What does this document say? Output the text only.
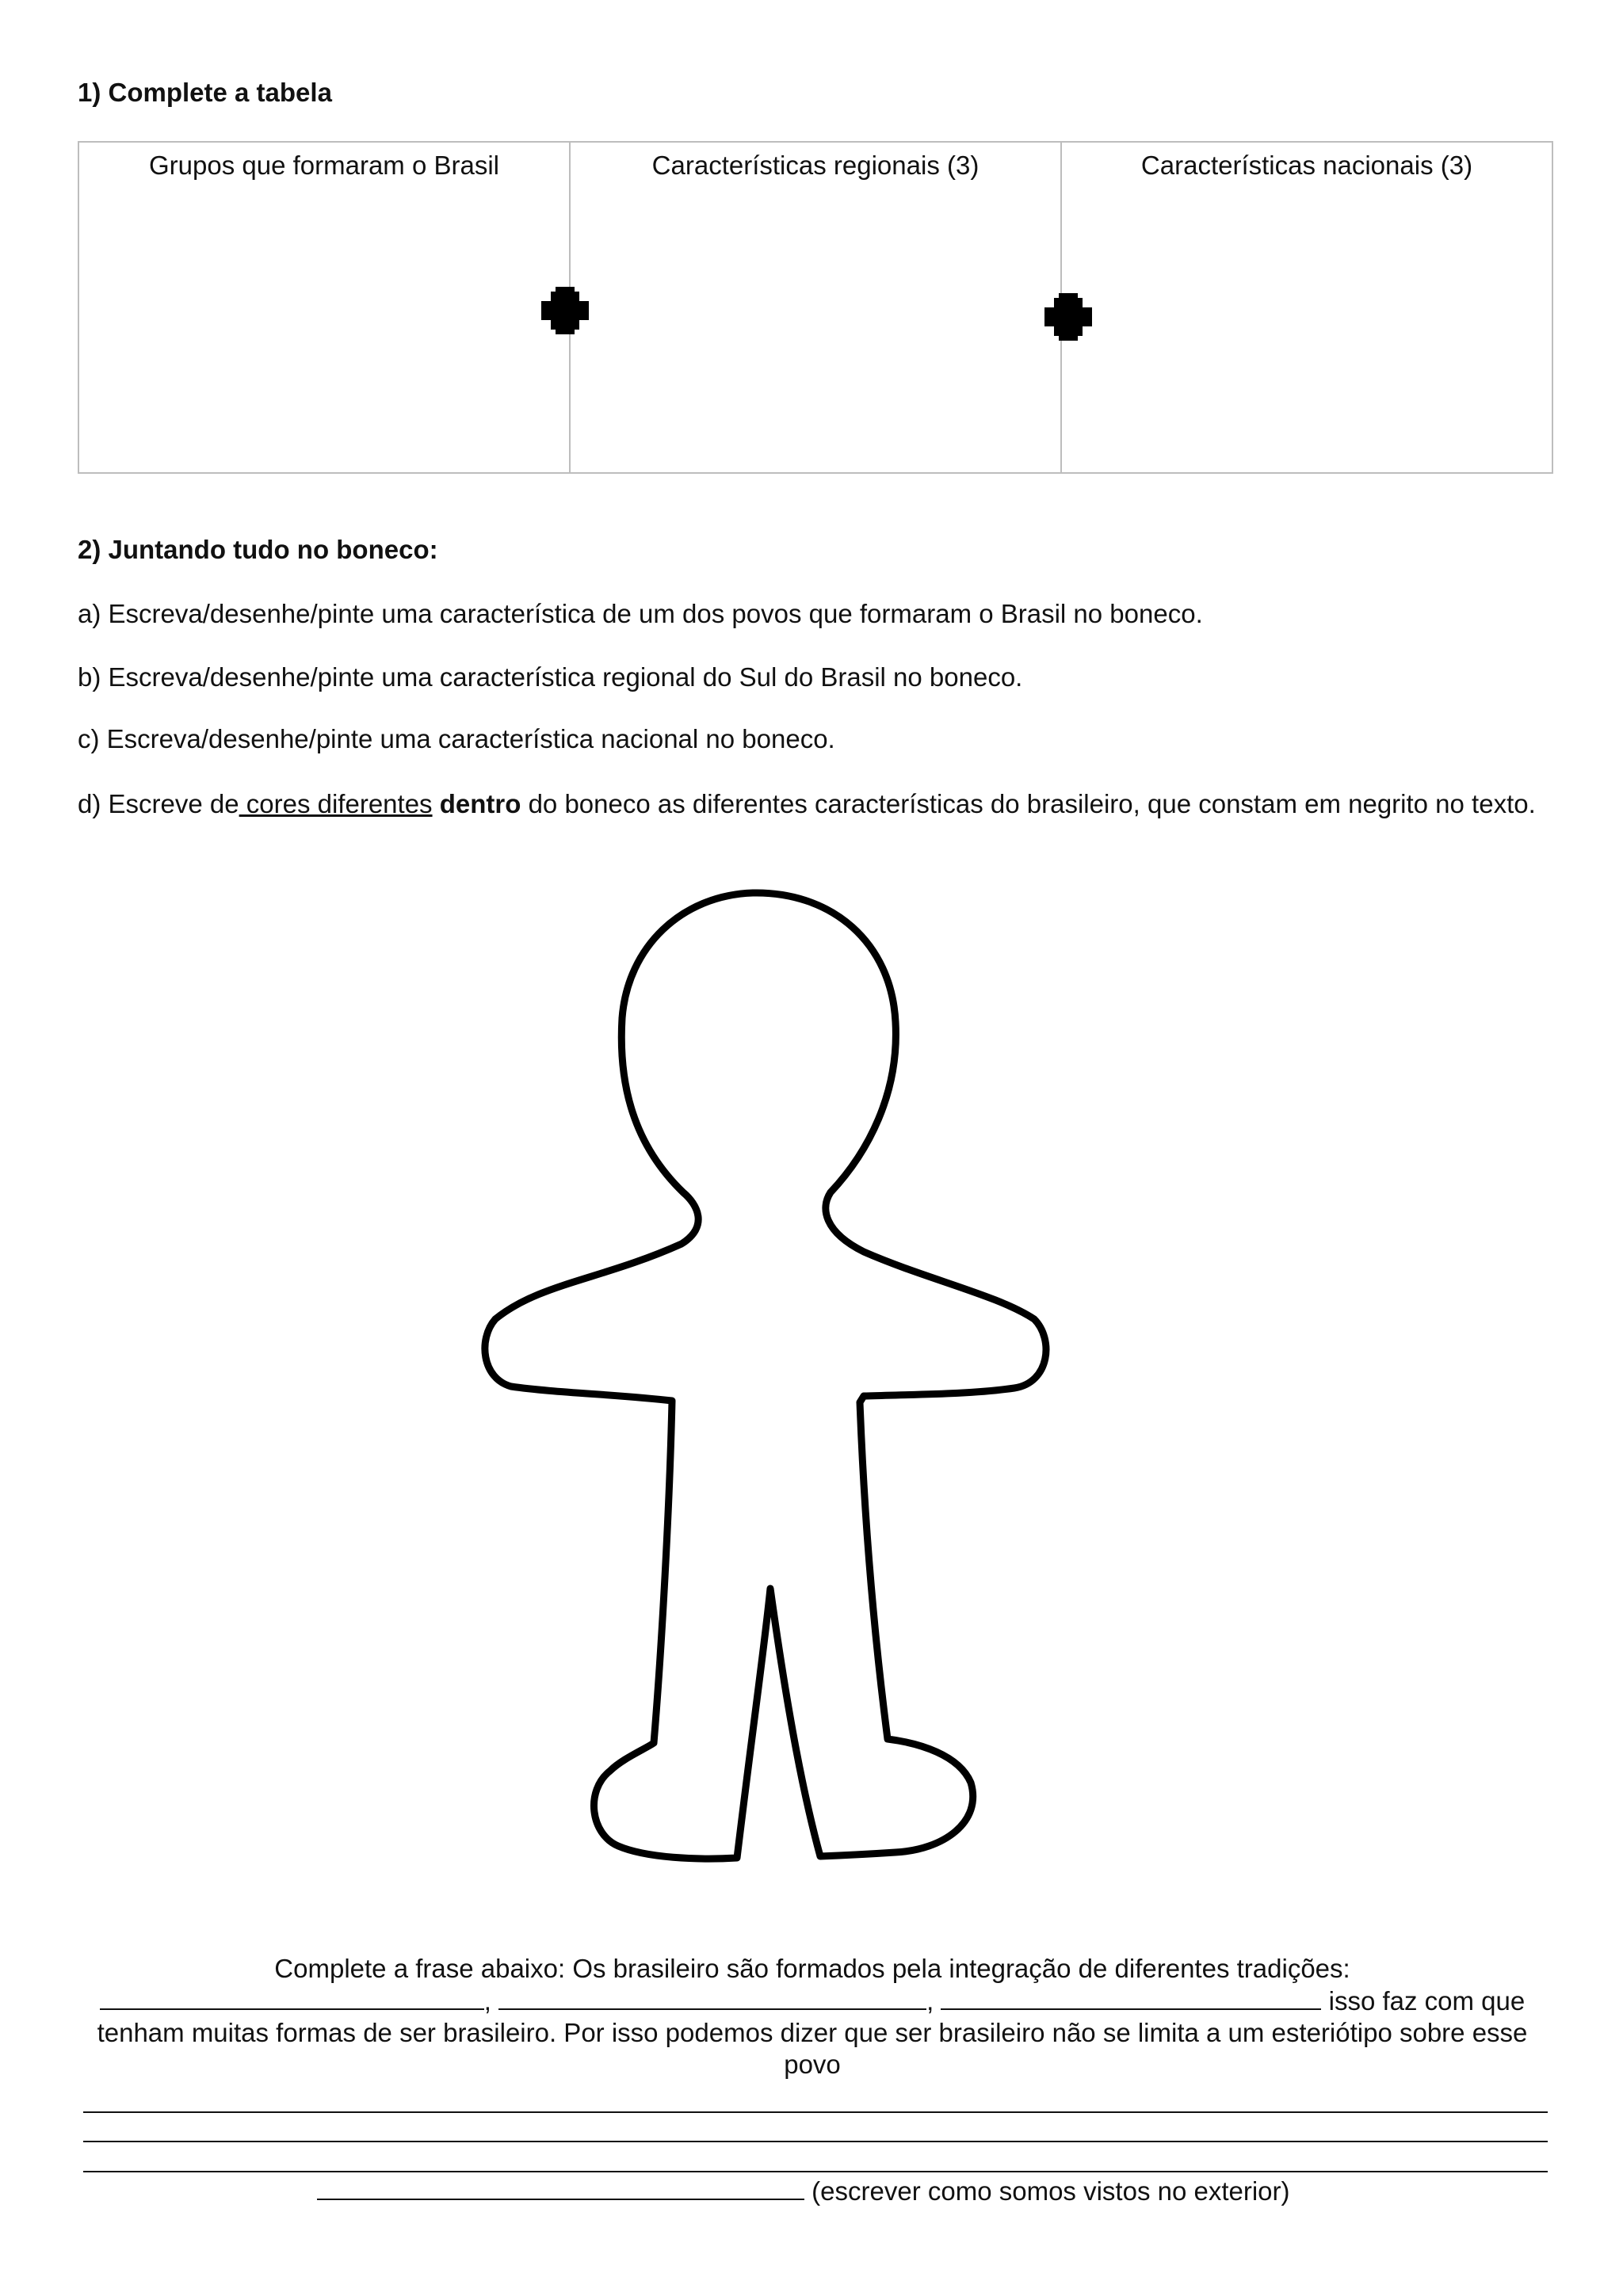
1) Complete a tabela
Grupos que formaram o Brasil	Características regionais (3)	Características nacionais (3)
2) Juntando tudo no boneco:
a) Escreva/desenhe/pinte uma característica de um dos povos que formaram o Brasil no boneco.
b) Escreva/desenhe/pinte uma característica regional do Sul do Brasil no boneco.
c) Escreva/desenhe/pinte uma característica nacional no boneco.
d) Escreve de cores diferentes dentro do boneco as diferentes características do brasileiro, que constam em negrito no texto.
Complete a frase abaixo: Os brasileiro são formados pela integração de diferentes tradições:
,	,	isso faz com que tenham muitas formas de ser brasileiro. Por isso podemos dizer que ser brasileiro não se limita a um esteriótipo sobre esse povo
(escrever como somos vistos no exterior)
